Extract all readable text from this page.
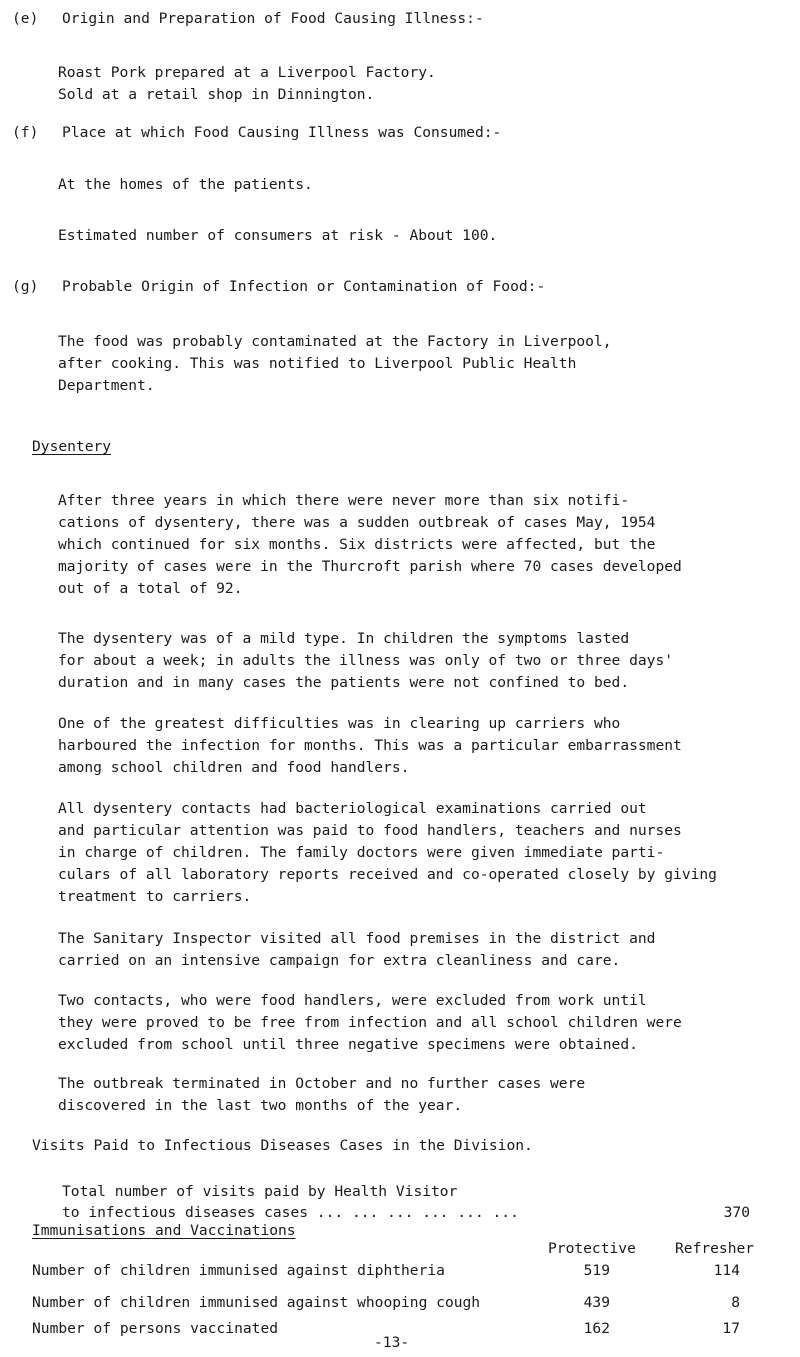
(e) Origin and Preparation of Food Causing Illness:-
Roast Pork prepared at a Liverpool Factory.
Sold at a retail shop in Dinnington.
(f) Place at which Food Causing Illness was Consumed:-
At the homes of the patients.
Estimated number of consumers at risk - About 100.
(g) Probable Origin of Infection or Contamination of Food:-
The food was probably contaminated at the Factory in Liverpool,
after cooking. This was notified to Liverpool Public Health
Department.
Dysentery
After three years in which there were never more than six notifi-
cations of dysentery, there was a sudden outbreak of cases May, 1954
which continued for six months. Six districts were affected, but the
majority of cases were in the Thurcroft parish where 70 cases developed
out of a total of 92.
The dysentery was of a mild type. In children the symptoms lasted
for about a week; in adults the illness was only of two or three days'
duration and in many cases the patients were not confined to bed.
One of the greatest difficulties was in clearing up carriers who
harboured the infection for months. This was a particular embarrassment
among school children and food handlers.
All dysentery contacts had bacteriological examinations carried out
and particular attention was paid to food handlers, teachers and nurses
in charge of children. The family doctors were given immediate parti-
culars of all laboratory reports received and co-operated closely by giving
treatment to carriers.
The Sanitary Inspector visited all food premises in the district and
carried on an intensive campaign for extra cleanliness and care.
Two contacts, who were food handlers, were excluded from work until
they were proved to be free from infection and all school children were
excluded from school until three negative specimens were obtained.
The outbreak terminated in October and no further cases were
discovered in the last two months of the year.
Visits Paid to Infectious Diseases Cases in the Division.
Total number of visits paid by Health Visitor
to infectious diseases cases ... ... ... ... ... ...	370
Immunisations and Vaccinations
Protective	Refresher
Number of children immunised against diphtheria	519	114
Number of children immunised against whooping cough	439	8
Number of persons vaccinated	162	17
-13-
